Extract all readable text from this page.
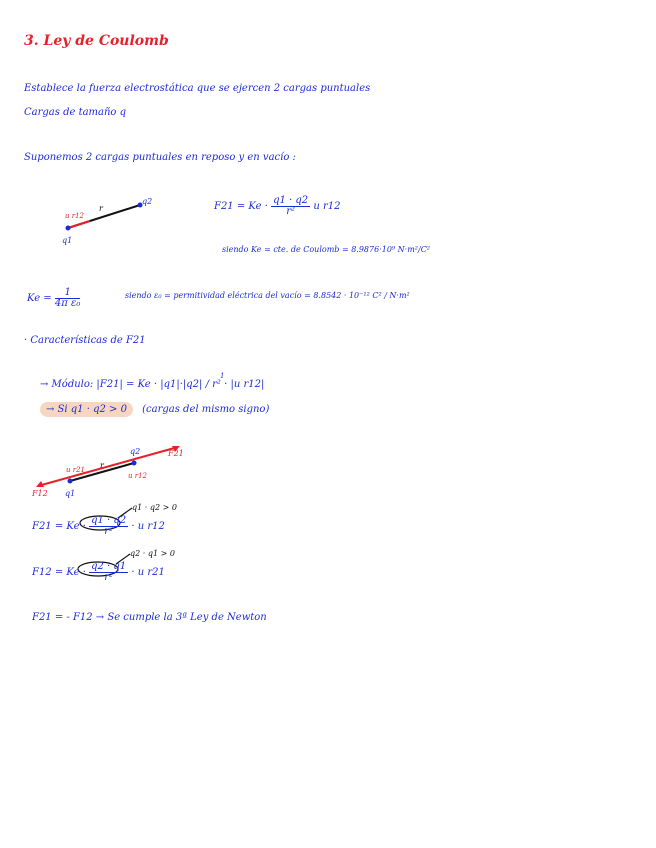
3. Ley de Coulomb
Establece la fuerza electrostática que se ejercen 2 cargas puntuales
Cargas de tamaño q
Suponemos 2 cargas puntuales en reposo y en vacío :
q2
q1
r
u r12
$F21 = Ke \cdot \frac{q1 \cdot q2}{\text{r²}}$ u r12
siendo Ke = cte. de Coulomb = 8.9876·10⁹ N·m²/C²
$Ke = \frac{1}{\text{4π ε₀}}$	siendo ε₀ = permitividad eléctrica del vacío = 8.8542 · 10⁻¹² C² / N·m²
· Características de F21
→ Módulo: |F21| = Ke · |q1|·|q2| / r² · |u r12|
1
→ Si q1 · q2 > 0 (cargas del mismo signo)
q2
q1
r
u r21
u r12
F21
F12
$F21 = Ke \cdot \frac{q1 \cdot q2}{\text{r²}} \cdot u$ r12
q1 · q2 > 0
$F12 = Ke \cdot \frac{q2 \cdot q1}{\text{r²}} \cdot u$ r21
q2 · q1 > 0
F21 = - F12 → Se cumple la 3ª Ley de Newton
